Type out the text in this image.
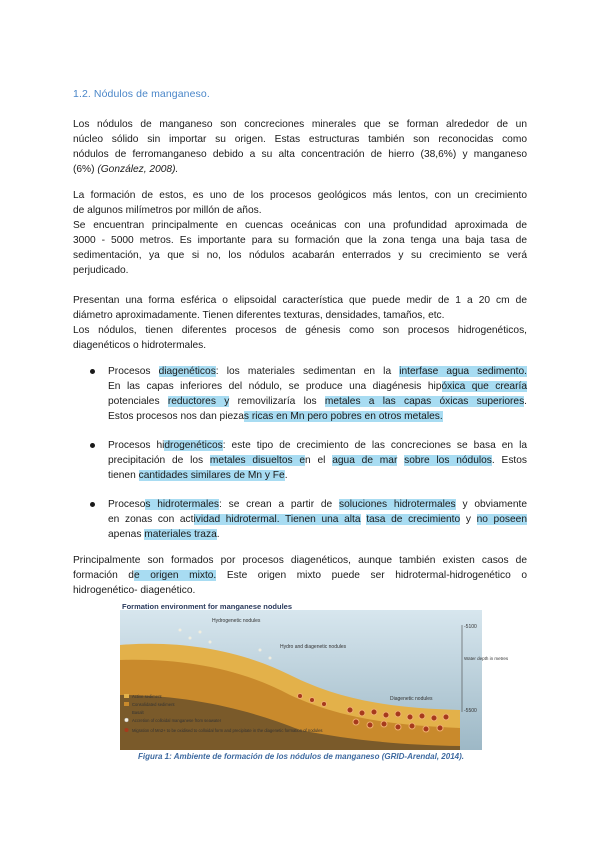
1.2. Nódulos de manganeso.
Los nódulos de manganeso son concreciones minerales que se forman alrededor de un
núcleo sólido sin importar su origen. Estas estructuras también son reconocidas como
nódulos de ferromanganeso debido a su alta concentración de hierro (38,6%) y manganeso
(6%) (González, 2008).
La formación de estos, es uno de los procesos geológicos más lentos, con un crecimiento
de algunos milímetros por millón de años.
Se encuentran principalmente en cuencas oceánicas con una profundidad aproximada de
3000 - 5000 metros. Es importante para su formación que la zona tenga una baja tasa de
sedimentación, ya que si no, los nódulos acabarán enterrados y su crecimiento se verá
perjudicado.
Presentan una forma esférica o elipsoidal característica que puede medir de 1 a 20 cm de
diámetro aproximadamente. Tienen diferentes texturas, densidades, tamaños, etc.
Los nódulos, tienen diferentes procesos de génesis como son procesos hidrogenéticos,
diagenéticos o hidrotermales.
Procesos diagenéticos: los materiales sedimentan en la interfase agua sedimento.
En las capas inferiores del nódulo, se produce una diagénesis hipóxica que crearía
potenciales reductores y removilizaría los metales a las capas óxicas superiores.
Estos procesos nos dan piezas ricas en Mn pero pobres en otros metales.
Procesos hidrogenéticos: este tipo de crecimiento de las concreciones se basa en la
precipitación de los metales disueltos en el agua de mar sobre los nódulos. Estos
tienen cantidades similares de Mn y Fe.
Procesos hidrotermales: se crean a partir de soluciones hidrotermales y obviamente
en zonas con actividad hidrotermal. Tienen una alta tasa de crecimiento y no poseen
apenas materiales traza.
Principalmente son formados por procesos diagenéticos, aunque también existen casos de
formación de origen mixto. Este origen mixto puede ser hidrotermal-hidrogenético o
hidrogenético- diagenético.
Hydrogenetic nodules
Hydro and diagenetic nodules
Diagenetic nodules
-5100
-5500
Water depth in metres
Active sediment
Consolidated sediment
Basalt
Accretion of colloidal manganese from seawater
Migration of Mn2+ to be oxidised to colloidal form and precipitate in the diagenetic formation of nodules
Formation environment for manganese nodules
Figura 1: Ambiente de formación de los nódulos de manganeso (GRID-Arendal, 2014).
